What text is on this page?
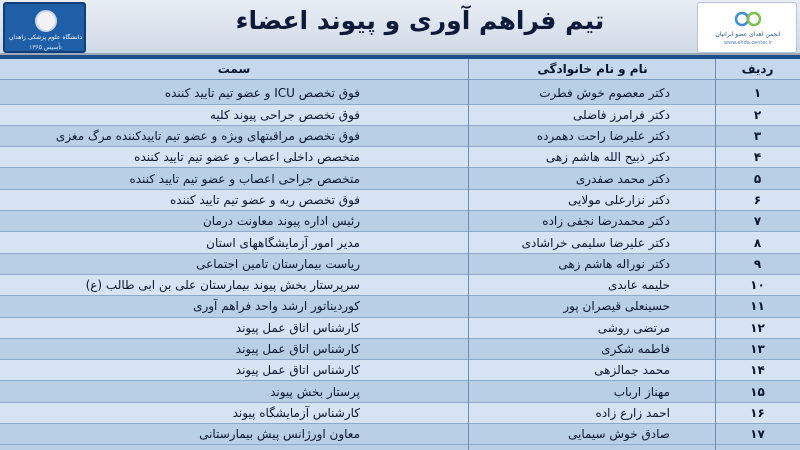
دانشگاه علوم پزشکی زاهدان
۱۳۶۵ تأسیس
تیم فراهم آوری و پیوند اعضاء	انجمن اهدای عضو ایرانیان
www.ehda.center.ir
ردیف
نام و نام خانوادگی
سمت
۱
دکتر معصوم خوش فطرت
فوق تخصص ICU و عضو تیم تایید کننده
۲
دکتر فرامرز فاضلی
فوق تخصص جراحی پیوند کلیه
۳
دکتر علیرضا راحت دهمرده
فوق تخصص مراقبتهای ویژه و عضو تیم تاییدکننده مرگ مغزی
۴
دکتر ذبیح الله هاشم زهی
متخصص داخلی اعصاب و عضو تیم تایید کننده
۵
دکتر محمد صفدری
متخصص جراحی اعصاب و عضو تیم تایید کننده
۶
دکتر نزارعلی مولایی
فوق تخصص ریه و عضو تیم تایید کننده
۷
دکتر محمدرضا نجفی زاده
رئیس اداره پیوند معاونت درمان
۸
دکتر علیرضا سلیمی خراشادی
مدیر امور آزمایشگاههای استان
۹
دکتر نوراله هاشم زهی
ریاست بیمارستان تامین اجتماعی
۱۰
حلیمه عابدی
سرپرستار بخش پیوند بیمارستان علی بن ابی طالب (ع)
۱۱
حسینعلی قیصران پور
کوردیناتور ارشد واحد فراهم آوری
۱۲
مرتضی روشی
کارشناس اتاق عمل پیوند
۱۳
فاطمه شکری
کارشناس اتاق عمل پیوند
۱۴
محمد جمالزهی
کارشناس اتاق عمل پیوند
۱۵
مهناز ارباب
پرستار بخش پیوند
۱۶
احمد زارع زاده
کارشناس آزمایشگاه پیوند
۱۷
صادق خوش سیمایی
معاون اورژانس پیش بیمارستانی
